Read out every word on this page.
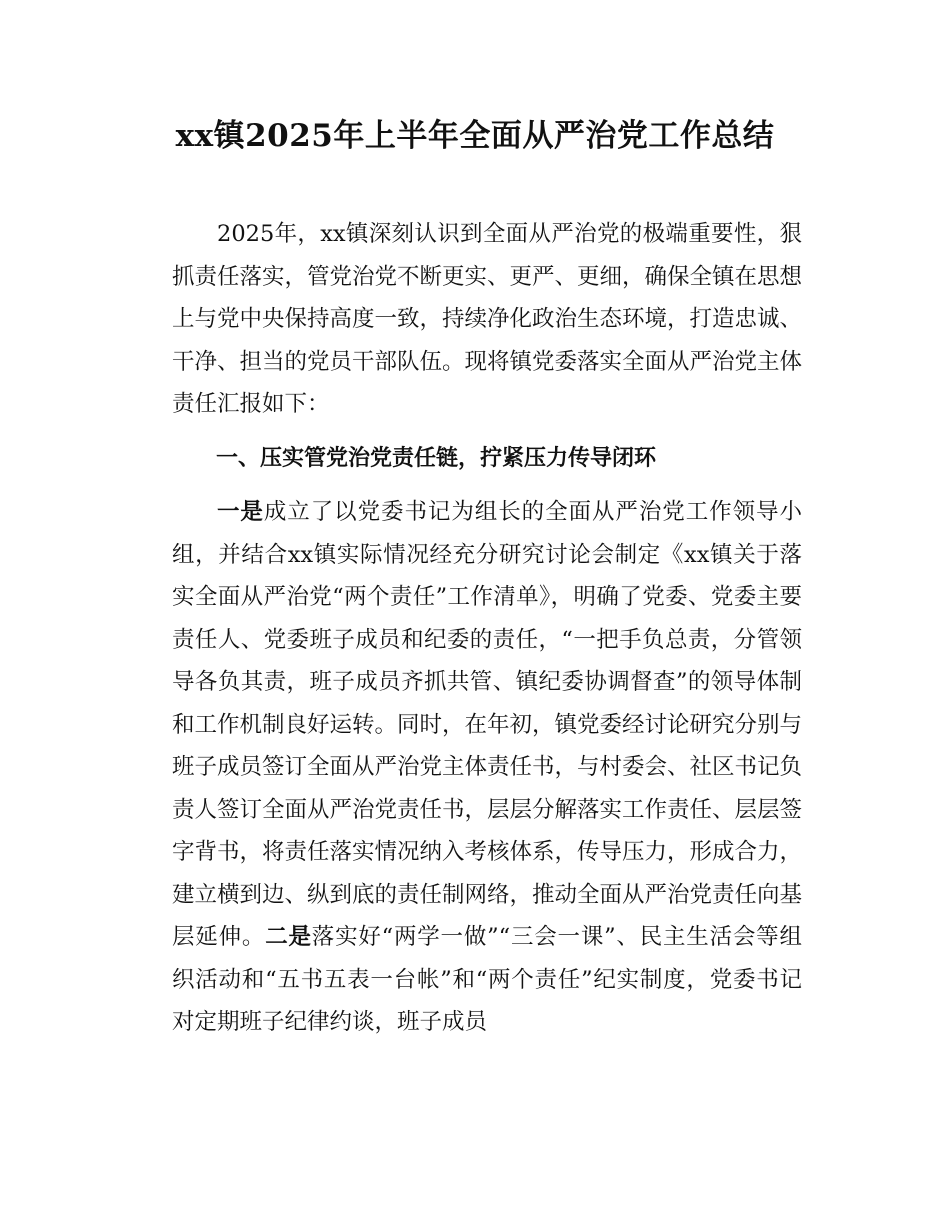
xx镇2025年上半年全面从严治党工作总结

2025年，xx镇深刻认识到全面从严治党的极端重要性，狠抓责任落实，管党治党不断更实、更严、更细，确保全镇在思想上与党中央保持高度一致，持续净化政治生态环境，打造忠诚、干净、担当的党员干部队伍。现将镇党委落实全面从严治党主体责任汇报如下：

一、压实管党治党责任链，拧紧压力传导闭环

一是成立了以党委书记为组长的全面从严治党工作领导小组，并结合xx镇实际情况经充分研究讨论会制定《xx镇关于落实全面从严治党“两个责任”工作清单》，明确了党委、党委主要责任人、党委班子成员和纪委的责任，“一把手负总责，分管领导各负其责，班子成员齐抓共管、镇纪委协调督查”的领导体制和工作机制良好运转。同时，在年初，镇党委经讨论研究分别与班子成员签订全面从严治党主体责任书，与村委会、社区书记负责人签订全面从严治党责任书，层层分解落实工作责任、层层签字背书，将责任落实情况纳入考核体系，传导压力，形成合力，建立横到边、纵到底的责任制网络，推动全面从严治党责任向基层延伸。二是落实好“两学一做”“三会一课”、民主生活会等组织活动和“五书五表一台帐”和“两个责任”纪实制度，党委书记对定期班子纪律约谈，班子成员
